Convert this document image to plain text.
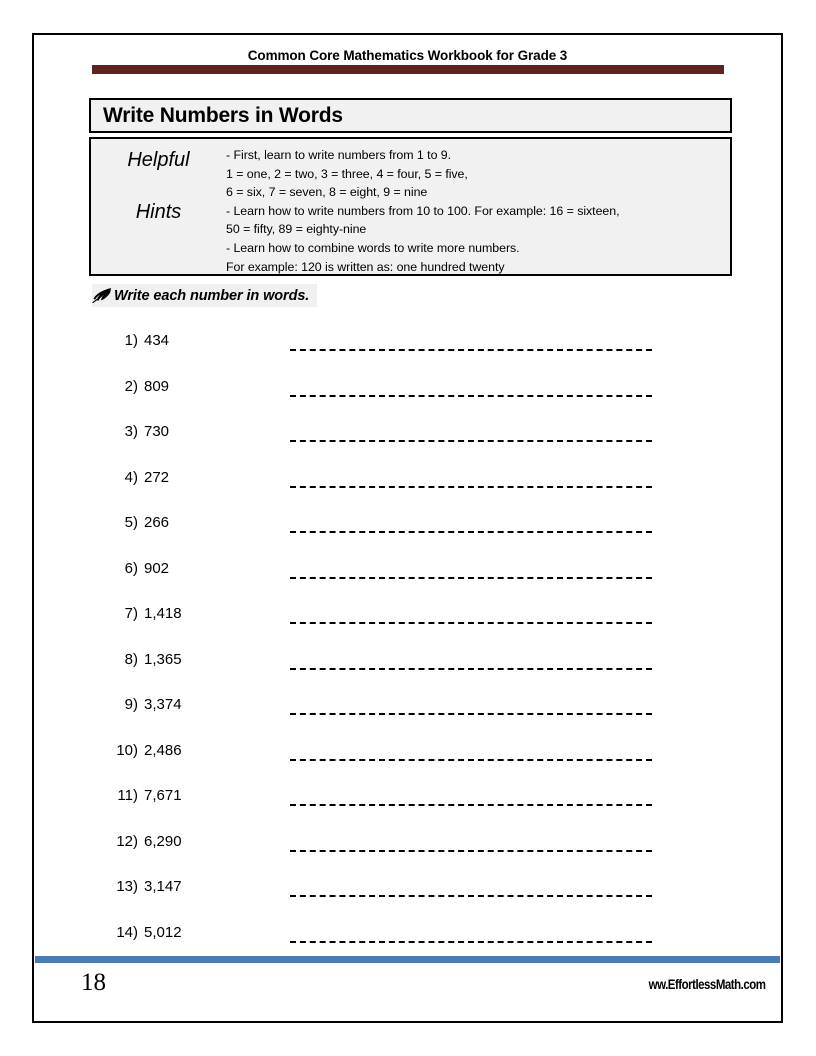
Common Core Mathematics Workbook for Grade 3
Write Numbers in Words
Helpful
Hints
- First, learn to write numbers from 1 to 9.
1 = one, 2 = two, 3 = three, 4 = four, 5 = five,
6 = six, 7 = seven, 8 = eight, 9 = nine
- Learn how to write numbers from 10 to 100. For example: 16 = sixteen,
50 = fifty, 89 = eighty-nine
- Learn how to combine words to write more numbers.
For example: 120 is written as: one hundred twenty
Write each number in words.
1) 434
2) 809
3) 730
4) 272
5) 266
6) 902
7) 1,418
8) 1,365
9) 3,374
10) 2,486
11) 7,671
12) 6,290
13) 3,147
14) 5,012
18	ww.EffortlessMath.com
